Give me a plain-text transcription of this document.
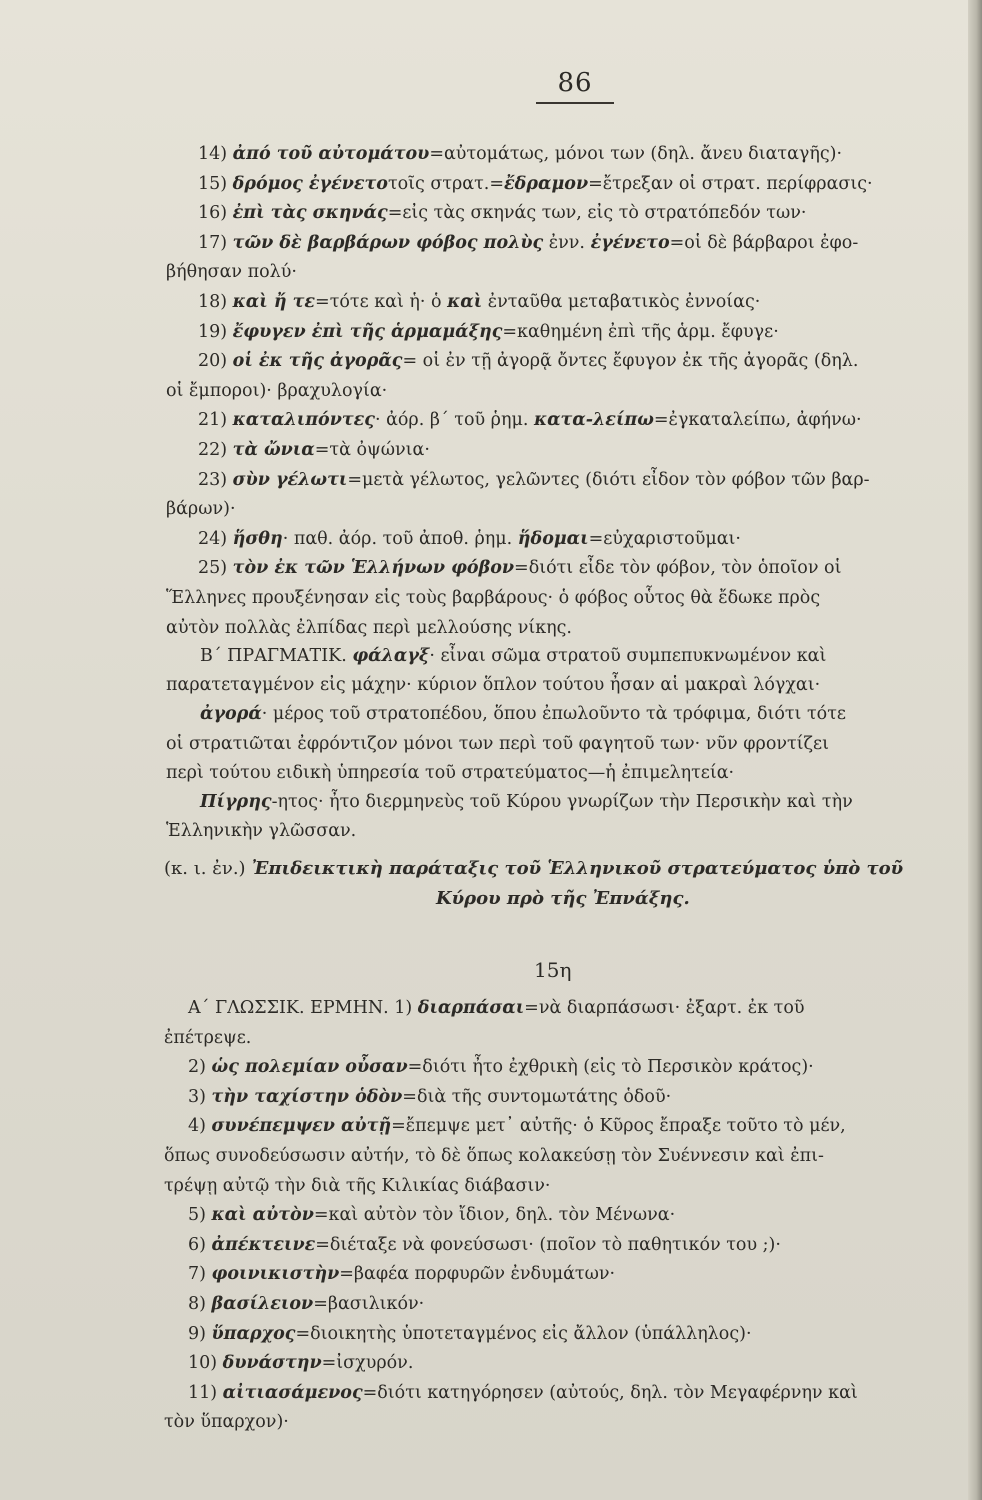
86
14) ἀπό τοῦ αὐτομάτου=αὐτομάτως, μόνοι των (δηλ. ἄνευ διαταγῆς)·
15) δρόμος ἐγένετοτοῖς στρατ.=ἔδραμον=ἔτρεξαν οἱ στρατ. περίφρασις·
16) ἐπὶ τὰς σκηνάς=εἰς τὰς σκηνάς των, εἰς τὸ στρατόπεδόν των·
17) τῶν δὲ βαρβάρων φόβος πολὺς ἐνν. ἐγένετο=οἱ δὲ βάρβαροι ἐφο-
βήθησαν πολύ·
18) καὶ ἤ τε=τότε καὶ ἡ· ὁ καὶ ἐνταῦθα μεταβατικὸς ἐννοίας·
19) ἔφυγεν ἐπὶ τῆς ἁρμαμάξης=καθημένη ἐπὶ τῆς ἁρμ. ἔφυγε·
20) οἱ ἐκ τῆς ἀγορᾶς= οἱ ἐν τῇ ἀγορᾷ ὄντες ἔφυγον ἐκ τῆς ἀγορᾶς (δηλ.
οἱ ἔμποροι)· βραχυλογία·
21) καταλιπόντες· ἀόρ. β΄ τοῦ ῥημ. κατα-λείπω=ἐγκαταλείπω, ἀφήνω·
22) τὰ ὤνια=τὰ ὀψώνια·
23) σὺν γέλωτι=μετὰ γέλωτος, γελῶντες (διότι εἶδον τὸν φόβον τῶν βαρ-
βάρων)·
24) ἥσθη· παθ. ἀόρ. τοῦ ἀποθ. ῥημ. ἥδομαι=εὐχαριστοῦμαι·
25) τὸν ἐκ τῶν Ἑλλήνων φόβον=διότι εἶδε τὸν φόβον, τὸν ὁποῖον οἱ
Ἕλληνες προυξένησαν εἰς τοὺς βαρβάρους· ὁ φόβος οὗτος θὰ ἔδωκε πρὸς
αὐτὸν πολλὰς ἐλπίδας περὶ μελλούσης νίκης.
Β΄ ΠΡΑΓΜΑΤΙΚ. φάλαγξ· εἶναι σῶμα στρατοῦ συμπεπυκνωμένον καὶ
παρατεταγμένον εἰς μάχην· κύριον ὅπλον τούτου ἦσαν αἱ μακραὶ λόγχαι·
ἀγορά· μέρος τοῦ στρατοπέδου, ὅπου ἐπωλοῦντο τὰ τρόφιμα, διότι τότε
οἱ στρατιῶται ἐφρόντιζον μόνοι των περὶ τοῦ φαγητοῦ των· νῦν φροντίζει
περὶ τούτου ειδικὴ ὑπηρεσία τοῦ στρατεύματος—ἡ ἐπιμελητεία·
Πίγρης-ητος· ἦτο διερμηνεὺς τοῦ Κύρου γνωρίζων τὴν Περσικὴν καὶ τὴν
Ἑλληνικὴν γλῶσσαν.
(κ. ι. ἐν.) Ἐπιδεικτικὴ παράταξις τοῦ Ἑλληνικοῦ στρατεύματος ὑπὸ τοῦ
Κύρου πρὸ τῆς Ἐπνάξης.
15η
Α΄ ΓΛΩΣΣΙΚ. ΕΡΜΗΝ. 1) διαρπάσαι=νὰ διαρπάσωσι· ἐξαρτ. ἐκ τοῦ
ἐπέτρεψε.
2) ὡς πολεμίαν οὖσαν=διότι ἦτο ἐχθρικὴ (εἰς τὸ Περσικὸν κράτος)·
3) τὴν ταχίστην ὁδὸν=διὰ τῆς συντομωτάτης ὁδοῦ·
4) συνέπεμψεν αὐτῇ=ἔπεμψε μετ᾽ αὐτῆς· ὁ Κῦρος ἔπραξε τοῦτο τὸ μέν,
ὅπως συνοδεύσωσιν αὐτήν, τὸ δὲ ὅπως κολακεύσῃ τὸν Συέννεσιν καὶ ἐπι-
τρέψῃ αὐτῷ τὴν διὰ τῆς Κιλικίας διάβασιν·
5) καὶ αὐτὸν=καὶ αὐτὸν τὸν ἴδιον, δηλ. τὸν Μένωνα·
6) ἀπέκτεινε=διέταξε νὰ φονεύσωσι· (ποῖον τὸ παθητικόν του ;)·
7) φοινικιστὴν=βαφέα πορφυρῶν ἐνδυμάτων·
8) βασίλειον=βασιλικόν·
9) ὕπαρχος=διοικητὴς ὑποτεταγμένος εἰς ἄλλον (ὑπάλληλος)·
10) δυνάστην=ἰσχυρόν.
11) αἰτιασάμενος=διότι κατηγόρησεν (αὐτούς, δηλ. τὸν Μεγαφέρνην καὶ
τὸν ὕπαρχον)·
